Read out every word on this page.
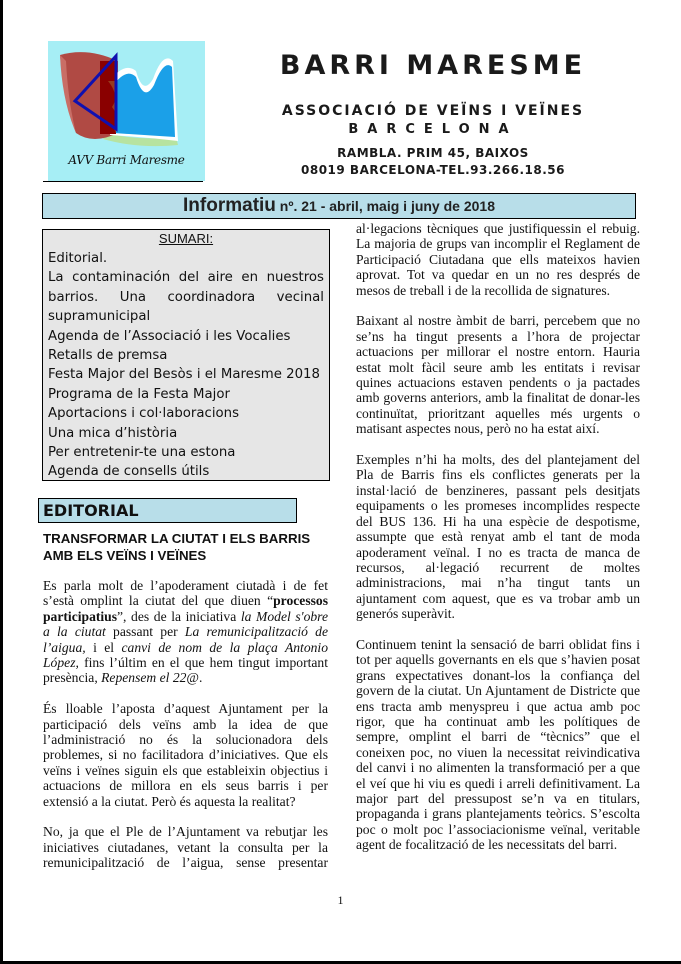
AVV Barri Maresme
BARRI MARESME
ASSOCIACIÓ DE VEÏNS I VEÏNES
BARCELONA
RAMBLA. PRIM 45, BAIXOS
08019 BARCELONA-TEL.93.266.18.56
Informatiu nº. 21 - abril, maig i juny de 2018
SUMARI:
Editorial.
La contaminación del aire en nuestros barrios. Una coordinadora vecinal supramunicipal
Agenda de l’Associació i les Vocalies
Retalls de premsa
Festa Major del Besòs i el Maresme 2018
Programa de la Festa Major
Aportacions i col·laboracions
Una mica d’història
Per entretenir-te una estona
Agenda de consells útils
EDITORIAL
TRANSFORMAR LA CIUTAT I ELS BARRIS AMB ELS VEÏNS I VEÏNES

Es parla molt de l’apoderament ciutadà i de fet s’està omplint la ciutat del que diuen “processos participatius”, des de la iniciativa la Model s'obre a la ciutat passant per La remunicipalització de l’aigua, i el canvi de nom de la plaça Antonio López, fins l’últim en el que hem tingut important presència, Repensem el 22@.

És lloable l’aposta d’aquest Ajuntament per la participació dels veïns amb la idea de que l’administració no és la solucionadora dels problemes, si no facilitadora d’iniciatives. Que els veïns i veïnes siguin els que estableixin objectius i actuacions de millora en els seus barris i per extensió a la ciutat. Però és aquesta la realitat?

No, ja que el Ple de l’Ajuntament va rebutjar les iniciatives ciutadanes, vetant la consulta per la remunicipalització de l’aigua, sense presentar

al·legacions tècniques que justifiquessin el rebuig. La majoria de grups van incomplir el Reglament de Participació Ciutadana que ells mateixos havien aprovat. Tot va quedar en un no res després de mesos de treball i de la recollida de signatures.

Baixant al nostre àmbit de barri, percebem que no se’ns ha tingut presents a l’hora de projectar actuacions per millorar el nostre entorn. Hauria estat molt fàcil seure amb les entitats i revisar quines actuacions estaven pendents o ja pactades amb governs anteriors, amb la finalitat de donar-les continuïtat, prioritzant aquelles més urgents o matisant aspectes nous, però no ha estat així.

Exemples n’hi ha molts, des del plantejament del Pla de Barris fins els conflictes generats per la instal·lació de benzineres, passant pels desitjats equipaments o les promeses incomplides respecte del BUS 136. Hi ha una espècie de despotisme, assumpte que està renyat amb el tant de moda apoderament veïnal. I no es tracta de manca de recursos, al·legació recurrent de moltes administracions, mai n’ha tingut tants un ajuntament com aquest, que es va trobar amb un generós superàvit.

Continuem tenint la sensació de barri oblidat fins i tot per aquells governants en els que s’havien posat grans expectatives donant-los la confiança del govern de la ciutat. Un Ajuntament de Districte que ens tracta amb menyspreu i que actua amb poc rigor, que ha continuat amb les polítiques de sempre, omplint el barri de “tècnics” que el coneixen poc, no viuen la necessitat reivindicativa del canvi i no alimenten la transformació per a que el veí que hi viu es quedi i arreli definitivament. La major part del pressupost se’n va en titulars, propaganda i grans plantejaments teòrics. S’escolta poc o molt poc l’associacionisme veïnal, veritable agent de focalització de les necessitats del barri.

1
